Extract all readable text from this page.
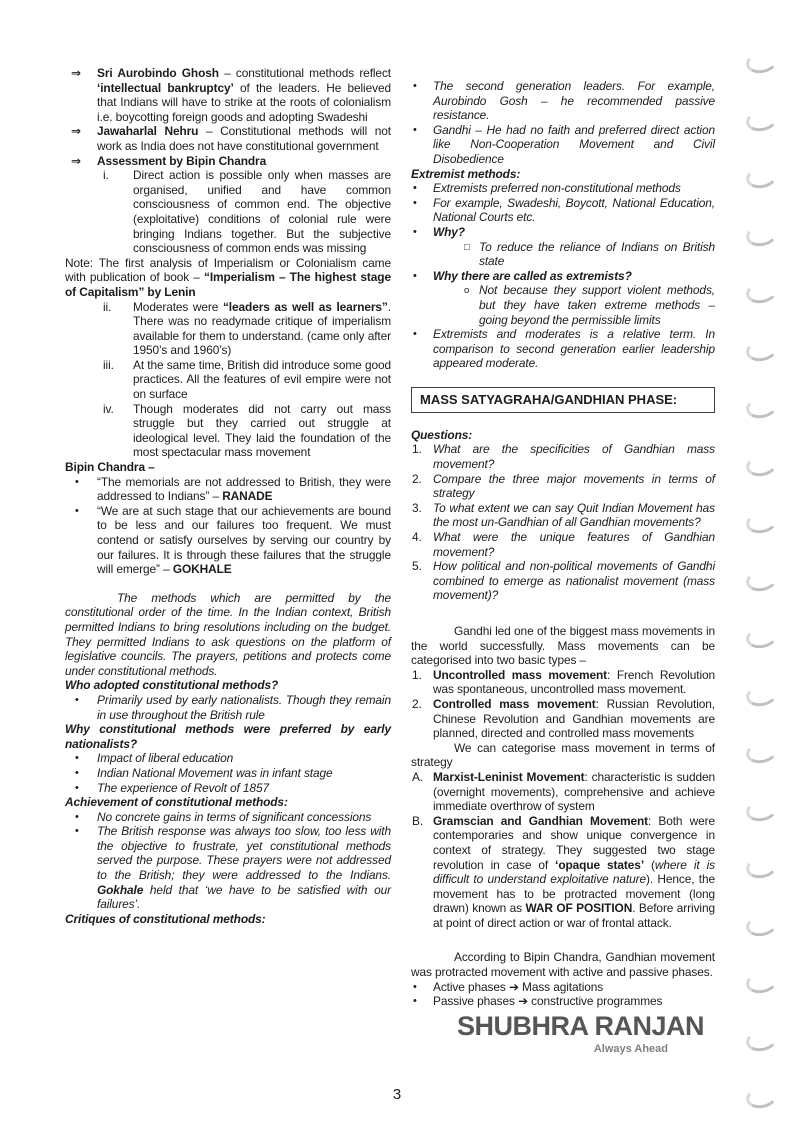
⇒ Sri Aurobindo Ghosh – constitutional methods reflect ‘intellectual bankruptcy’ of the leaders. He believed that Indians will have to strike at the roots of colonialism i.e. boycotting foreign goods and adopting Swadeshi
⇒ Jawaharlal Nehru – Constitutional methods will not work as India does not have constitutional government
⇒ Assessment by Bipin Chandra
i. Direct action is possible only when masses are organised, unified and have common consciousness of common end. The objective (exploitative) conditions of colonial rule were bringing Indians together. But the subjective consciousness of common ends was missing
Note: The first analysis of Imperialism or Colonialism came with publication of book – “Imperialism – The highest stage of Capitalism” by Lenin
ii. Moderates were “leaders as well as learners”. There was no readymade critique of imperialism available for them to understand. (came only after 1950’s and 1960’s)
iii. At the same time, British did introduce some good practices. All the features of evil empire were not on surface
iv. Though moderates did not carry out mass struggle but they carried out struggle at ideological level. They laid the foundation of the most spectacular mass movement
Bipin Chandra –
• “The memorials are not addressed to British, they were addressed to Indians” – RANADE
• “We are at such stage that our achievements are bound to be less and our failures too frequent. We must contend or satisfy ourselves by serving our country by our failures. It is through these failures that the struggle will emerge” – GOKHALE
The methods which are permitted by the constitutional order of the time. In the Indian context, British permitted Indians to bring resolutions including on the budget. They permitted Indians to ask questions on the platform of legislative councils. The prayers, petitions and protects come under constitutional methods.
Who adopted constitutional methods?
• Primarily used by early nationalists. Though they remain in use throughout the British rule
Why constitutional methods were preferred by early nationalists?
• Impact of liberal education
• Indian National Movement was in infant stage
• The experience of Revolt of 1857
Achievement of constitutional methods:
• No concrete gains in terms of significant concessions
• The British response was always too slow, too less with the objective to frustrate, yet constitutional methods served the purpose. These prayers were not addressed to the British; they were addressed to the Indians. Gokhale held that ‘we have to be satisfied with our failures’.
Critiques of constitutional methods:
• The second generation leaders. For example, Aurobindo Gosh – he recommended passive resistance.
• Gandhi – He had no faith and preferred direct action like Non-Cooperation Movement and Civil Disobedience
Extremist methods:
• Extremists preferred non-constitutional methods
• For example, Swadeshi, Boycott, National Education, National Courts etc.
• Why?
□ To reduce the reliance of Indians on British state
• Why there are called as extremists?
o Not because they support violent methods, but they have taken extreme methods – going beyond the permissible limits
• Extremists and moderates is a relative term. In comparison to second generation earlier leadership appeared moderate.
MASS SATYAGRAHA/GANDHIAN PHASE:
Questions:
1. What are the specificities of Gandhian mass movement?
2. Compare the three major movements in terms of strategy
3. To what extent we can say Quit Indian Movement has the most un-Gandhian of all Gandhian movements?
4. What were the unique features of Gandhian movement?
5. How political and non-political movements of Gandhi combined to emerge as nationalist movement (mass movement)?
Gandhi led one of the biggest mass movements in the world successfully. Mass movements can be categorised into two basic types –
1. Uncontrolled mass movement: French Revolution was spontaneous, uncontrolled mass movement.
2. Controlled mass movement: Russian Revolution, Chinese Revolution and Gandhian movements are planned, directed and controlled mass movements
We can categorise mass movement in terms of strategy
A. Marxist-Leninist Movement: characteristic is sudden (overnight movements), comprehensive and achieve immediate overthrow of system
B. Gramscian and Gandhian Movement: Both were contemporaries and show unique convergence in context of strategy. They suggested two stage revolution in case of ‘opaque states’ (where it is difficult to understand exploitative nature). Hence, the movement has to be protracted movement (long drawn) known as WAR OF POSITION. Before arriving at point of direct action or war of frontal attack.
According to Bipin Chandra, Gandhian movement was protracted movement with active and passive phases.
• Active phases ➔ Mass agitations
• Passive phases ➔ constructive programmes
SHUBHRA RANJAN
Always Ahead
3
